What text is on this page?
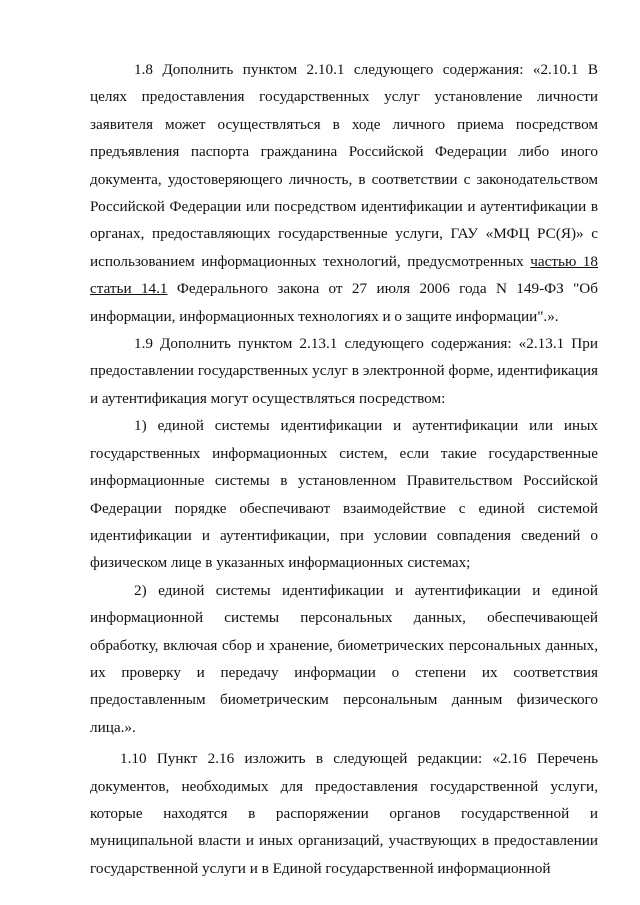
1.8 Дополнить пунктом 2.10.1 следующего содержания: «2.10.1 В целях предоставления государственных услуг установление личности заявителя может осуществляться в ходе личного приема посредством предъявления паспорта гражданина Российской Федерации либо иного документа, удостоверяющего личность, в соответствии с законодательством Российской Федерации или посредством идентификации и аутентификации в органах, предоставляющих государственные услуги, ГАУ «МФЦ РС(Я)» с использованием информационных технологий, предусмотренных частью 18 статьи 14.1 Федерального закона от 27 июля 2006 года N 149-ФЗ "Об информации, информационных технологиях и о защите информации".».

1.9 Дополнить пунктом 2.13.1 следующего содержания: «2.13.1 При предоставлении государственных услуг в электронной форме, идентификация и аутентификация могут осуществляться посредством:

1) единой системы идентификации и аутентификации или иных государственных информационных систем, если такие государственные информационные системы в установленном Правительством Российской Федерации порядке обеспечивают взаимодействие с единой системой идентификации и аутентификации, при условии совпадения сведений о физическом лице в указанных информационных системах;

2) единой системы идентификации и аутентификации и единой информационной системы персональных данных, обеспечивающей обработку, включая сбор и хранение, биометрических персональных данных, их проверку и передачу информации о степени их соответствия предоставленным биометрическим персональным данным физического лица.».

1.10 Пункт 2.16 изложить в следующей редакции: «2.16 Перечень документов, необходимых для предоставления государственной услуги, которые находятся в распоряжении органов государственной и муниципальной власти и иных организаций, участвующих в предоставлении государственной услуги и в Единой государственной информационной
